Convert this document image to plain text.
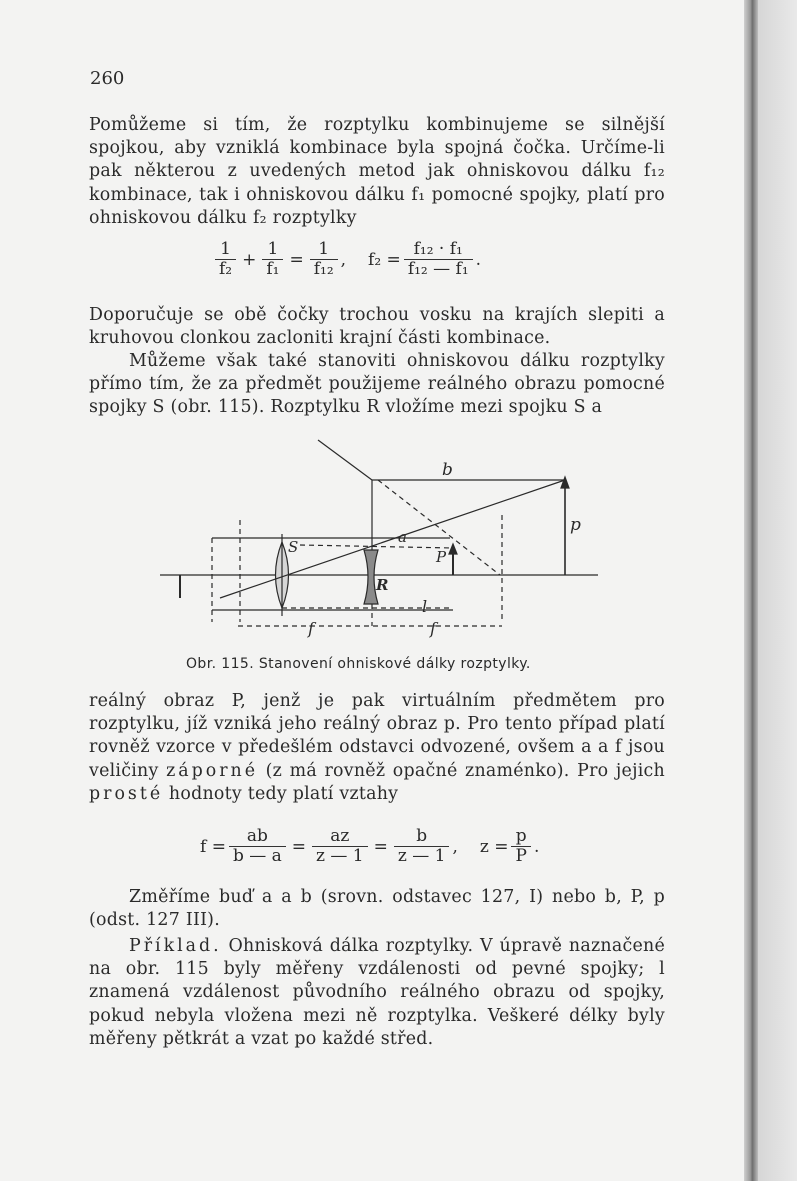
260

Pomůžeme si tím, že rozptylku kombinujeme se silnější spojkou, aby vzniklá kombinace byla spojná čočka. Určíme-li pak některou z uvedených metod jak ohniskovou dálku f₁₂ kombinace, tak i ohniskovou dálku f₁ pomocné spojky, platí pro ohniskovou dálku f₂ rozptylky

$\frac{1}{\text{f₂}} + \frac{1}{\text{f₁}} = \frac{1}{\text{f₁₂}}$ , $f_2 = \frac{\text{f₁₂ · f₁}}{\text{f₁₂ — f₁}}$ .

Doporučuje se obě čočky trochou vosku na krajích slepiti a kruhovou clonkou zacloniti krajní části kombinace.

Můžeme však také stanoviti ohniskovou dálku rozptylky přímo tím, že za předmět použijeme reálného obrazu pomocné spojky S (obr. 115). Rozptylku R vložíme mezi spojku S a

b
p
S
a
P
R
l
f	f
Obr. 115. Stanovení ohniskové dálky rozptylky.

reálný obraz P, jenž je pak virtuálním předmětem pro rozptylku, jíž vzniká jeho reálný obraz p. Pro tento případ platí rovněž vzorce v předešlém odstavci odvozené, ovšem a a f jsou veličiny záporné (z má rovněž opačné znaménko). Pro jejich prosté hodnoty tedy platí vztahy

$f = \frac{ab}{b — a} = \frac{az}{z — 1} = \frac{b}{z — 1}$ , $z = \frac{p}{P}$ .

Změříme buď a a b (srovn. odstavec 127, I) nebo b, P, p (odst. 127 III).

Příklad. Ohnisková dálka rozptylky. V úpravě naznačené na obr. 115 byly měřeny vzdálenosti od pevné spojky; l znamená vzdálenost původního reálného obrazu od spojky, pokud nebyla vložena mezi ně rozptylka. Veškeré délky byly měřeny pětkrát a vzat po každé střed.
